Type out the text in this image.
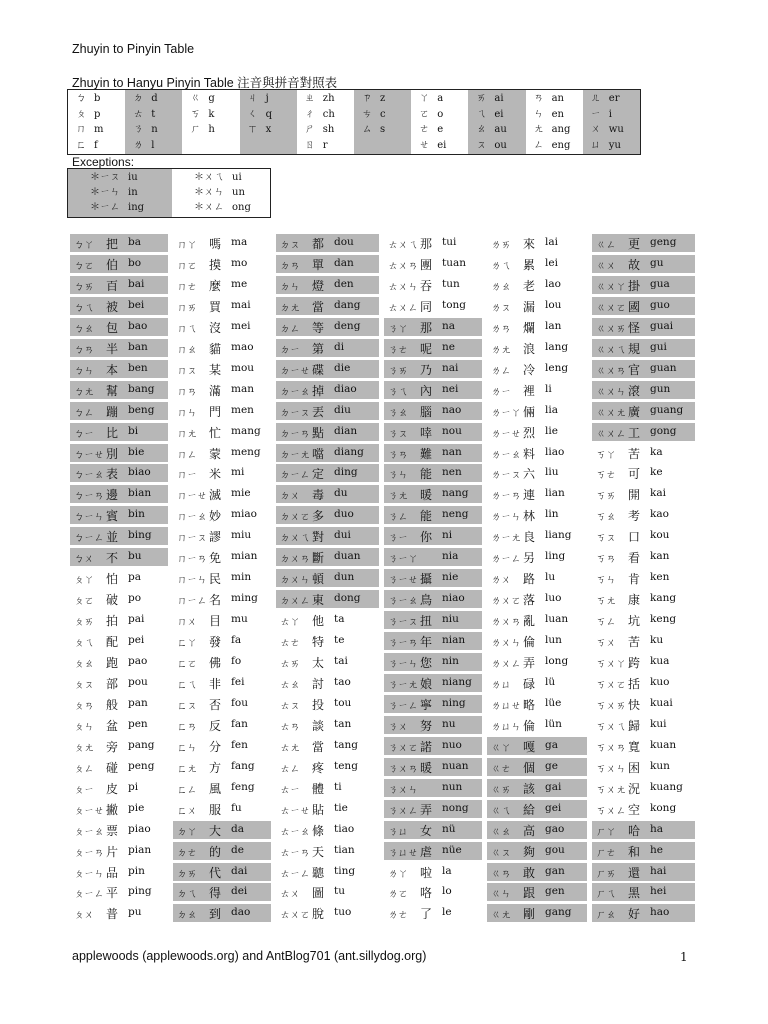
Zhuyin to Pinyin Table
Zhuyin to Hanyu Pinyin Table 注音與拼音對照表
ㄅ b
ㄆ p
ㄇ m
ㄈ f
ㄉ d
ㄊ t
ㄋ n
ㄌ l
ㄍ g
ㄎ k
ㄏ h
ㄐ j
ㄑ q
ㄒ x
ㄓ zh
ㄔ ch
ㄕ sh
ㄖ r
ㄗ z
ㄘ c
ㄙ s
ㄚ a
ㄛ o
ㄜ e
ㄝ ei
ㄞ ai
ㄟ ei
ㄠ au
ㄡ ou
ㄢ an
ㄣ en
ㄤ ang
ㄥ eng
ㄦ er
ㄧ i
ㄨ wu
ㄩ yu
Exceptions:
＊ㄧㄡ iu
＊ㄧㄣ in
＊ㄧㄥ ing
＊ㄨㄟ ui
＊ㄨㄣ un
＊ㄨㄥ ong
ㄅㄚ 把 ba
ㄅㄛ 伯 bo
ㄅㄞ 百 bai
ㄅㄟ 被 bei
ㄅㄠ 包 bao
ㄅㄢ 半 ban
ㄅㄣ 本 ben
ㄅㄤ 幫 bang
ㄅㄥ 蹦 beng
ㄅㄧ 比 bi
ㄅㄧㄝ 別 bie
ㄅㄧㄠ 表 biao
ㄅㄧㄢ 邊 bian
ㄅㄧㄣ 賓 bin
ㄅㄧㄥ 並 bing
ㄅㄨ 不 bu
ㄆㄚ 怕 pa
ㄆㄛ 破 po
ㄆㄞ 拍 pai
ㄆㄟ 配 pei
ㄆㄠ 跑 pao
ㄆㄡ 部 pou
ㄆㄢ 般 pan
ㄆㄣ 盆 pen
ㄆㄤ 旁 pang
ㄆㄥ 碰 peng
ㄆㄧ 皮 pi
ㄆㄧㄝ 撇 pie
ㄆㄧㄠ 票 piao
ㄆㄧㄢ 片 pian
ㄆㄧㄣ 品 pin
ㄆㄧㄥ 平 ping
ㄆㄨ 普 pu
ㄇㄚ 嗎 ma
ㄇㄛ 摸 mo
ㄇㄜ 麼 me
ㄇㄞ 買 mai
ㄇㄟ 沒 mei
ㄇㄠ 貓 mao
ㄇㄡ 某 mou
ㄇㄢ 滿 man
ㄇㄣ 門 men
ㄇㄤ 忙 mang
ㄇㄥ 蒙 meng
ㄇㄧ 米 mi
ㄇㄧㄝ 滅 mie
ㄇㄧㄠ 妙 miao
ㄇㄧㄡ 謬 miu
ㄇㄧㄢ 免 mian
ㄇㄧㄣ 民 min
ㄇㄧㄥ 名 ming
ㄇㄨ 目 mu
ㄈㄚ 發 fa
ㄈㄛ 佛 fo
ㄈㄟ 非 fei
ㄈㄡ 否 fou
ㄈㄢ 反 fan
ㄈㄣ 分 fen
ㄈㄤ 方 fang
ㄈㄥ 風 feng
ㄈㄨ 服 fu
ㄉㄚ 大 da
ㄉㄜ 的 de
ㄉㄞ 代 dai
ㄉㄟ 得 dei
ㄉㄠ 到 dao
ㄉㄡ 都 dou
ㄉㄢ 單 dan
ㄉㄣ 燈 den
ㄉㄤ 當 dang
ㄉㄥ 等 deng
ㄉㄧ 第 di
ㄉㄧㄝ 碟 die
ㄉㄧㄠ 掉 diao
ㄉㄧㄡ 丟 diu
ㄉㄧㄢ 點 dian
ㄉㄧㄤ 噹 diang
ㄉㄧㄥ 定 ding
ㄉㄨ 毒 du
ㄉㄨㄛ 多 duo
ㄉㄨㄟ 對 dui
ㄉㄨㄢ 斷 duan
ㄉㄨㄣ 頓 dun
ㄉㄨㄥ 東 dong
ㄊㄚ 他 ta
ㄊㄜ 特 te
ㄊㄞ 太 tai
ㄊㄠ 討 tao
ㄊㄡ 投 tou
ㄊㄢ 談 tan
ㄊㄤ 當 tang
ㄊㄥ 疼 teng
ㄊㄧ 體 ti
ㄊㄧㄝ 貼 tie
ㄊㄧㄠ 條 tiao
ㄊㄧㄢ 天 tian
ㄊㄧㄥ 聽 ting
ㄊㄨ 圖 tu
ㄊㄨㄛ 脫 tuo
ㄊㄨㄟ 那 tui
ㄊㄨㄢ 團 tuan
ㄊㄨㄣ 吞 tun
ㄊㄨㄥ 同 tong
ㄋㄚ 那 na
ㄋㄜ 呢 ne
ㄋㄞ 乃 nai
ㄋㄟ 內 nei
ㄋㄠ 腦 nao
ㄋㄡ 啈 nou
ㄋㄢ 難 nan
ㄋㄣ 能 nen
ㄋㄤ 暖 nang
ㄋㄥ 能 neng
ㄋㄧ 你 ni
ㄋㄧㄚ nia
ㄋㄧㄝ 攝 nie
ㄋㄧㄠ 鳥 niao
ㄋㄧㄡ 扭 niu
ㄋㄧㄢ 年 nian
ㄋㄧㄣ 您 nin
ㄋㄧㄤ 娘 niang
ㄋㄧㄥ 寧 ning
ㄋㄨ 努 nu
ㄋㄨㄛ 諾 nuo
ㄋㄨㄢ 暖 nuan
ㄋㄨㄣ nun
ㄋㄨㄥ 弄 nong
ㄋㄩ 女 nü
ㄋㄩㄝ 虐 nüe
ㄌㄚ 啦 la
ㄌㄛ 咯 lo
ㄌㄜ 了 le
ㄌㄞ 來 lai
ㄌㄟ 累 lei
ㄌㄠ 老 lao
ㄌㄡ 漏 lou
ㄌㄢ 爛 lan
ㄌㄤ 浪 lang
ㄌㄥ 冷 leng
ㄌㄧ 裡 li
ㄌㄧㄚ 倆 lia
ㄌㄧㄝ 烈 lie
ㄌㄧㄠ 料 liao
ㄌㄧㄡ 六 liu
ㄌㄧㄢ 連 lian
ㄌㄧㄣ 林 lin
ㄌㄧㄤ 良 liang
ㄌㄧㄥ 另 ling
ㄌㄨ 路 lu
ㄌㄨㄛ 落 luo
ㄌㄨㄢ 亂 luan
ㄌㄨㄣ 倫 lun
ㄌㄨㄥ 弄 long
ㄌㄩ 碌 lü
ㄌㄩㄝ 略 lüe
ㄌㄩㄣ 倫 lün
ㄍㄚ 嘎 ga
ㄍㄜ 個 ge
ㄍㄞ 該 gai
ㄍㄟ 給 gei
ㄍㄠ 高 gao
ㄍㄡ 夠 gou
ㄍㄢ 敢 gan
ㄍㄣ 跟 gen
ㄍㄤ 剛 gang
ㄍㄥ 更 geng
ㄍㄨ 故 gu
ㄍㄨㄚ 掛 gua
ㄍㄨㄛ 國 guo
ㄍㄨㄞ 怪 guai
ㄍㄨㄟ 規 gui
ㄍㄨㄢ 官 guan
ㄍㄨㄣ 滾 gun
ㄍㄨㄤ 廣 guang
ㄍㄨㄥ 工 gong
ㄎㄚ 苦 ka
ㄎㄜ 可 ke
ㄎㄞ 開 kai
ㄎㄠ 考 kao
ㄎㄡ 口 kou
ㄎㄢ 看 kan
ㄎㄣ 肯 ken
ㄎㄤ 康 kang
ㄎㄥ 坑 keng
ㄎㄨ 苦 ku
ㄎㄨㄚ 跨 kua
ㄎㄨㄛ 括 kuo
ㄎㄨㄞ 快 kuai
ㄎㄨㄟ 歸 kui
ㄎㄨㄢ 寬 kuan
ㄎㄨㄣ 困 kun
ㄎㄨㄤ 況 kuang
ㄎㄨㄥ 空 kong
ㄏㄚ 哈 ha
ㄏㄜ 和 he
ㄏㄞ 還 hai
ㄏㄟ 黑 hei
ㄏㄠ 好 hao
applewoods (applewoods.org) and AntBlog701 (ant.sillydog.org)	1
